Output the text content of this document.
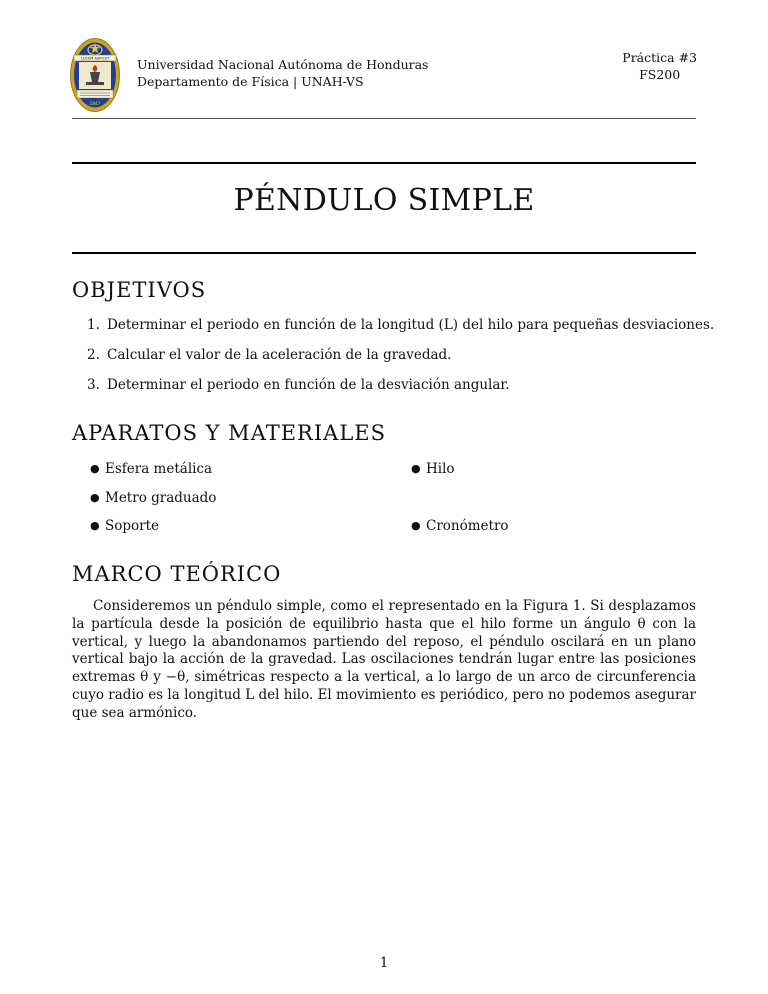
LUCEM ASPICIO
1847
Universidad Nacional Autónoma de Honduras
Departamento de Física | UNAH-VS
Práctica #3
FS200
PÉNDULO SIMPLE
OBJETIVOS
1. Determinar el periodo en función de la longitud (L) del hilo para pequeñas desviaciones.
2. Calcular el valor de la aceleración de la gravedad.
3. Determinar el periodo en función de la desviación angular.
APARATOS Y MATERIALES
● Esfera metálica	● Hilo
● Metro graduado
● Soporte	● Cronómetro
MARCO TEÓRICO

Consideremos un péndulo simple, como el representado en la Figura 1. Si desplazamos la partícula desde la posición de equilibrio hasta que el hilo forme un ángulo θ con la vertical, y luego la abandonamos partiendo del reposo, el péndulo oscilará en un plano vertical bajo la acción de la gravedad. Las oscilaciones tendrán lugar entre las posiciones extremas θ y −θ, simétricas respecto a la vertical, a lo largo de un arco de circunferencia cuyo radio es la longitud L del hilo. El movimiento es periódico, pero no podemos asegurar que sea armónico.

1
